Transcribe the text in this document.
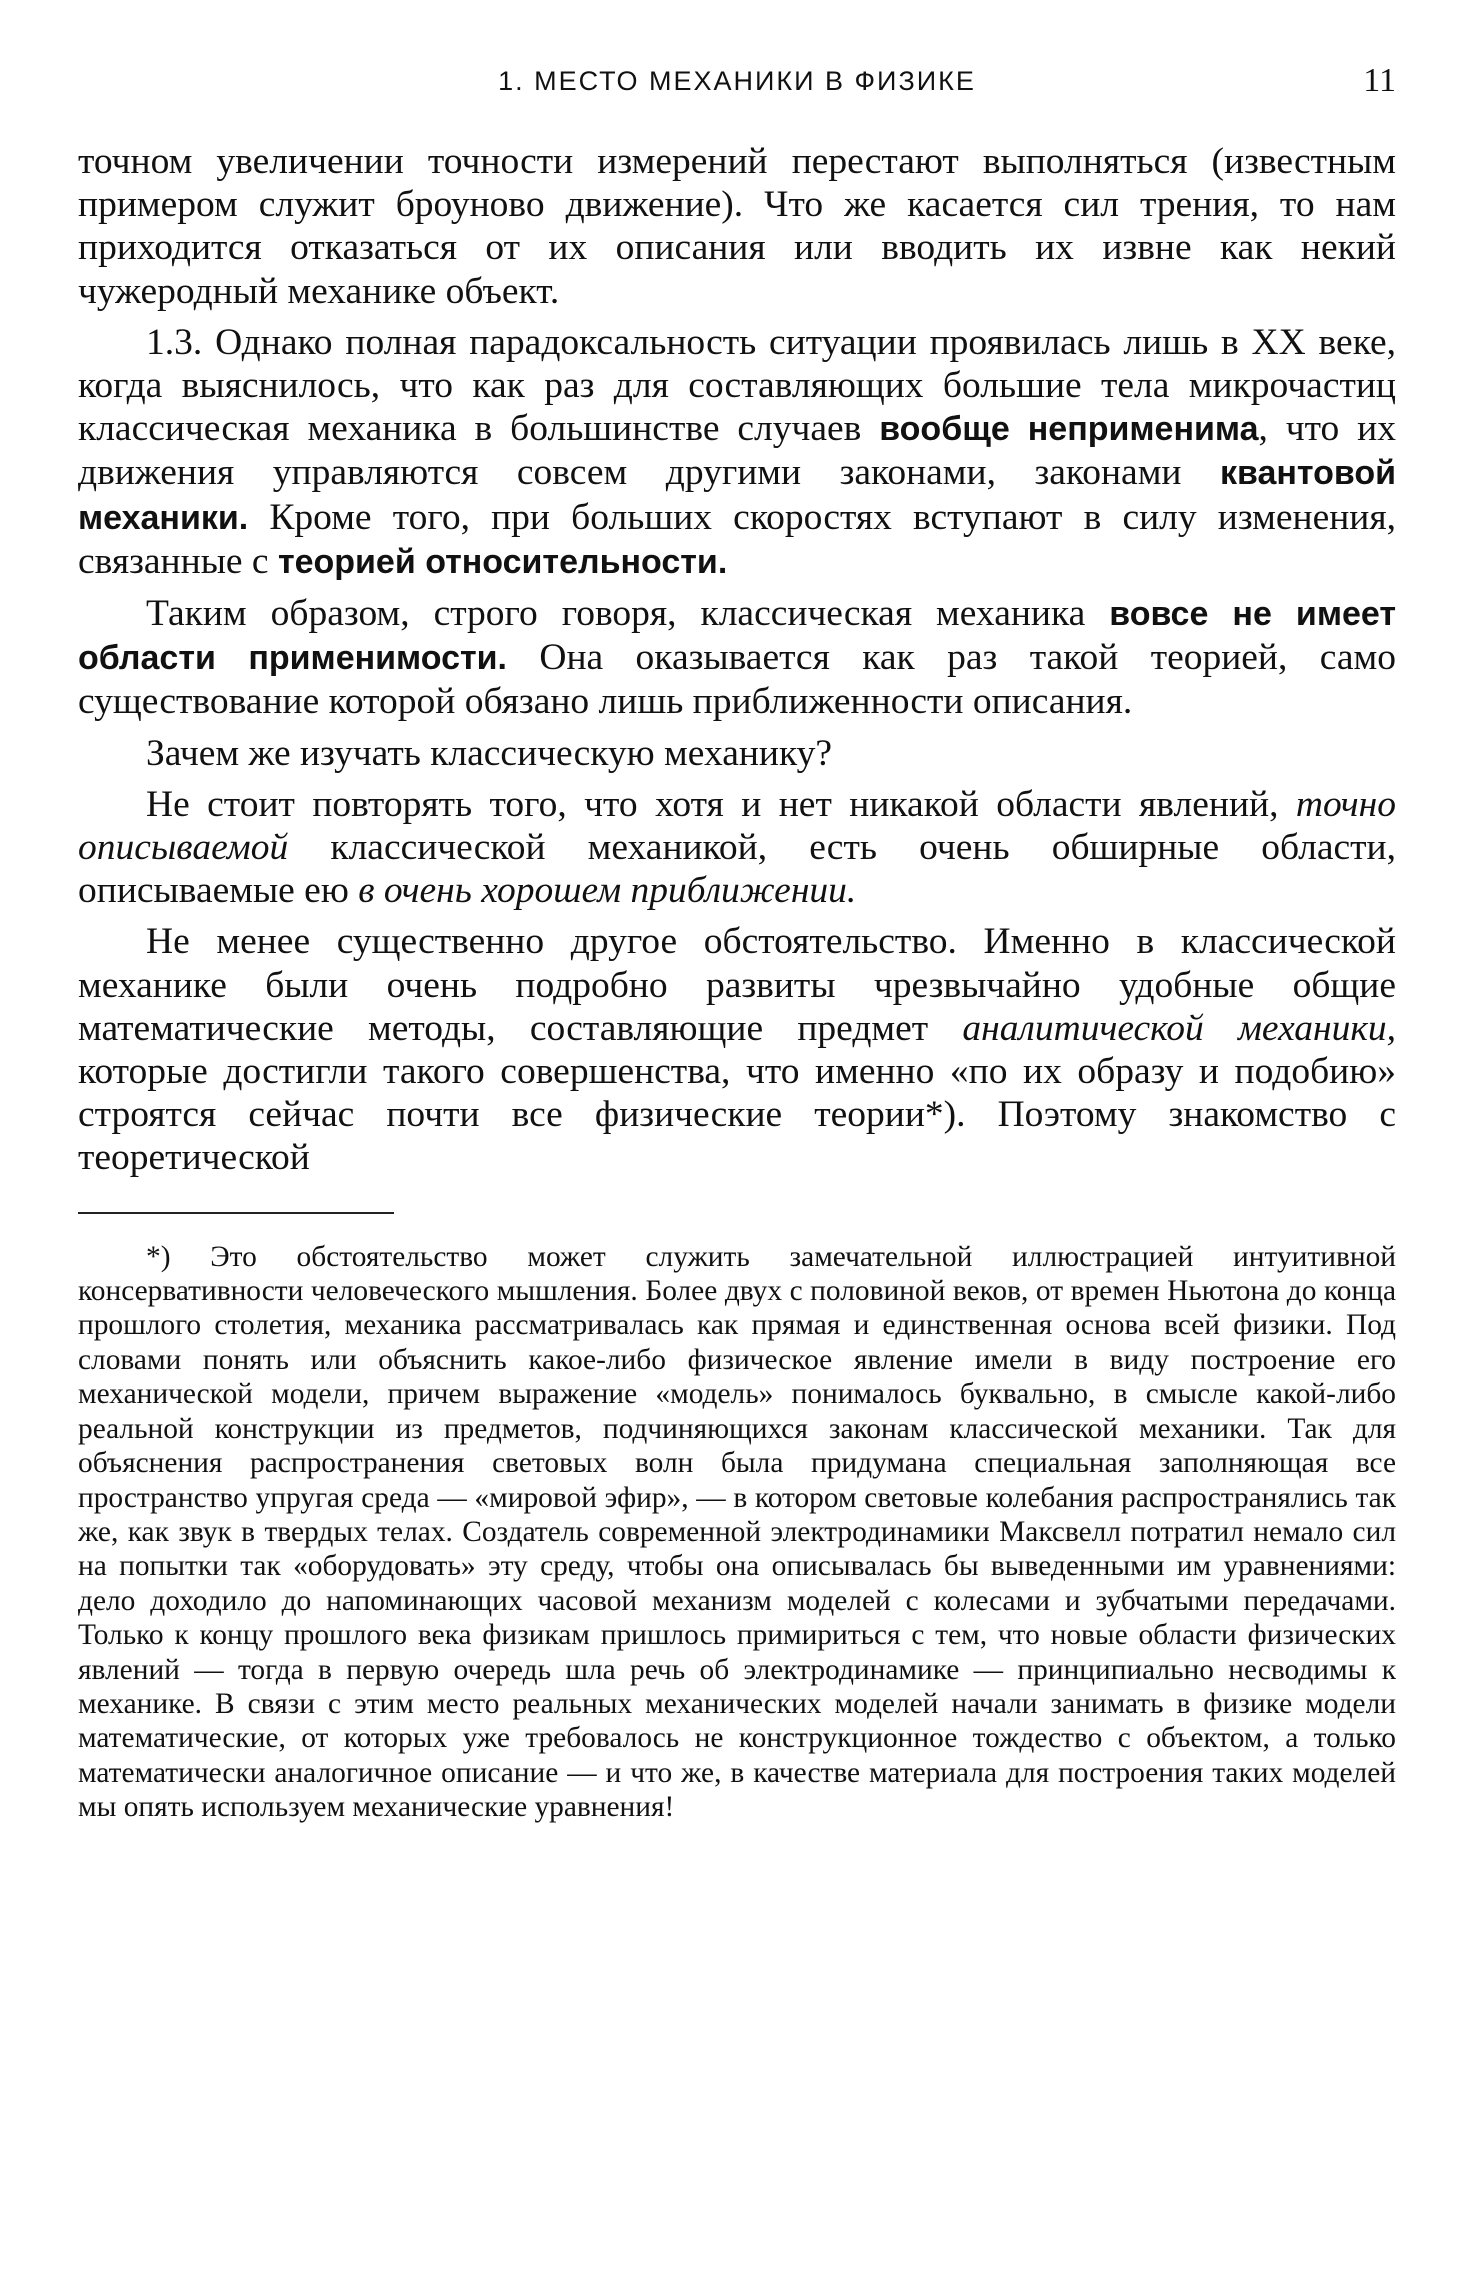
1. МЕСТО МЕХАНИКИ В ФИЗИКЕ	11

точном увеличении точности измерений перестают выполняться (известным примером служит броуново движение). Что же касается сил трения, то нам приходится отказаться от их описания или вводить их извне как некий чужеродный механике объект.

1.3. Однако полная парадоксальность ситуации проявилась лишь в XX веке, когда выяснилось, что как раз для составляющих большие тела микрочастиц классическая механика в большинстве случаев вообще неприменима, что их движения управляются совсем другими законами, законами квантовой механики. Кроме того, при больших скоростях вступают в силу изменения, связанные с теорией относительности.

Таким образом, строго говоря, классическая механика вовсе не имеет области применимости. Она оказывается как раз такой теорией, само существование которой обязано лишь приближенности описания.

Зачем же изучать классическую механику?

Не стоит повторять того, что хотя и нет никакой области явлений, точно описываемой классической механикой, есть очень обширные области, описываемые ею в очень хорошем приближении.

Не менее существенно другое обстоятельство. Именно в классической механике были очень подробно развиты чрезвычайно удобные общие математические методы, составляющие предмет аналитической механики, которые достигли такого совершенства, что именно «по их образу и подобию» строятся сейчас почти все физические теории*). Поэтому знакомство с теоретической

*) Это обстоятельство может служить замечательной иллюстрацией интуитивной консервативности человеческого мышления. Более двух с половиной веков, от времен Ньютона до конца прошлого столетия, механика рассматривалась как прямая и единственная основа всей физики. Под словами понять или объяснить какое-либо физическое явление имели в виду построение его механической модели, причем выражение «модель» понималось буквально, в смысле какой-либо реальной конструкции из предметов, подчиняющихся законам классической механики. Так для объяснения распространения световых волн была придумана специальная заполняющая все пространство упругая среда — «мировой эфир», — в котором световые колебания распространялись так же, как звук в твердых телах. Создатель современной электродинамики Максвелл потратил немало сил на попытки так «оборудовать» эту среду, чтобы она описывалась бы выведенными им уравнениями: дело доходило до напоминающих часовой механизм моделей с колесами и зубчатыми передачами. Только к концу прошлого века физикам пришлось примириться с тем, что новые области физических явлений — тогда в первую очередь шла речь об электродинамике — принципиально несводимы к механике. В связи с этим место реальных механических моделей начали занимать в физике модели математические, от которых уже требовалось не конструкционное тождество с объектом, а только математически аналогичное описание — и что же, в качестве материала для построения таких моделей мы опять используем механические уравнения!
